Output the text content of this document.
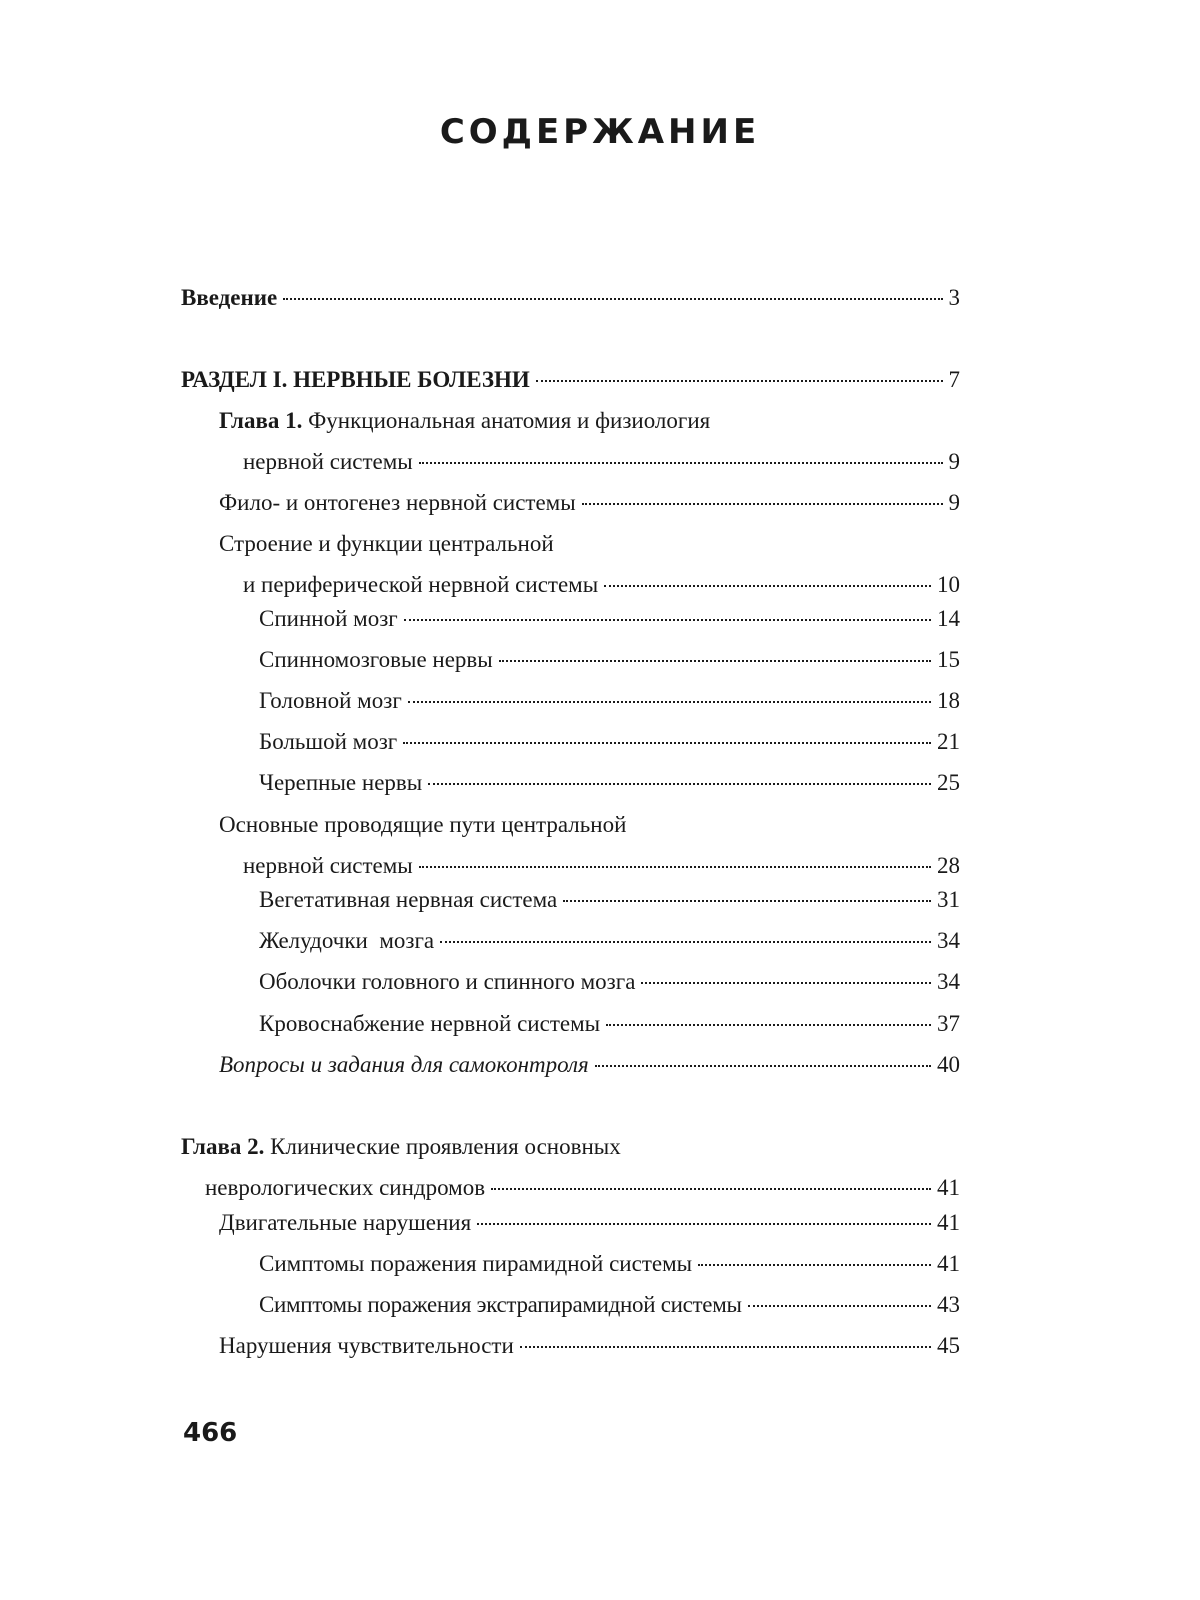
СОДЕРЖАНИЕ
Введение	3
РАЗДЕЛ I. НЕРВНЫЕ БОЛЕЗНИ	7
Глава 1. Функциональная анатомия и физиология
нервной системы	9
Фило- и онтогенез нервной системы	9
Строение и функции центральной
и периферической нервной системы	10
Спинной мозг	14
Спинномозговые нервы	15
Головной мозг	18
Большой мозг	21
Черепные нервы	25
Основные проводящие пути центральной
нервной системы	28
Вегетативная нервная система	31
Желудочки  мозга	34
Оболочки головного и спинного мозга	34
Кровоснабжение нервной системы	37
Вопросы и задания для самоконтроля	40
Глава 2. Клинические проявления основных
неврологических синдромов	41
Двигательные нарушения	41
Симптомы поражения пирамидной системы	41
Симптомы поражения экстрапирамидной системы	43
Нарушения чувствительности	45
466
